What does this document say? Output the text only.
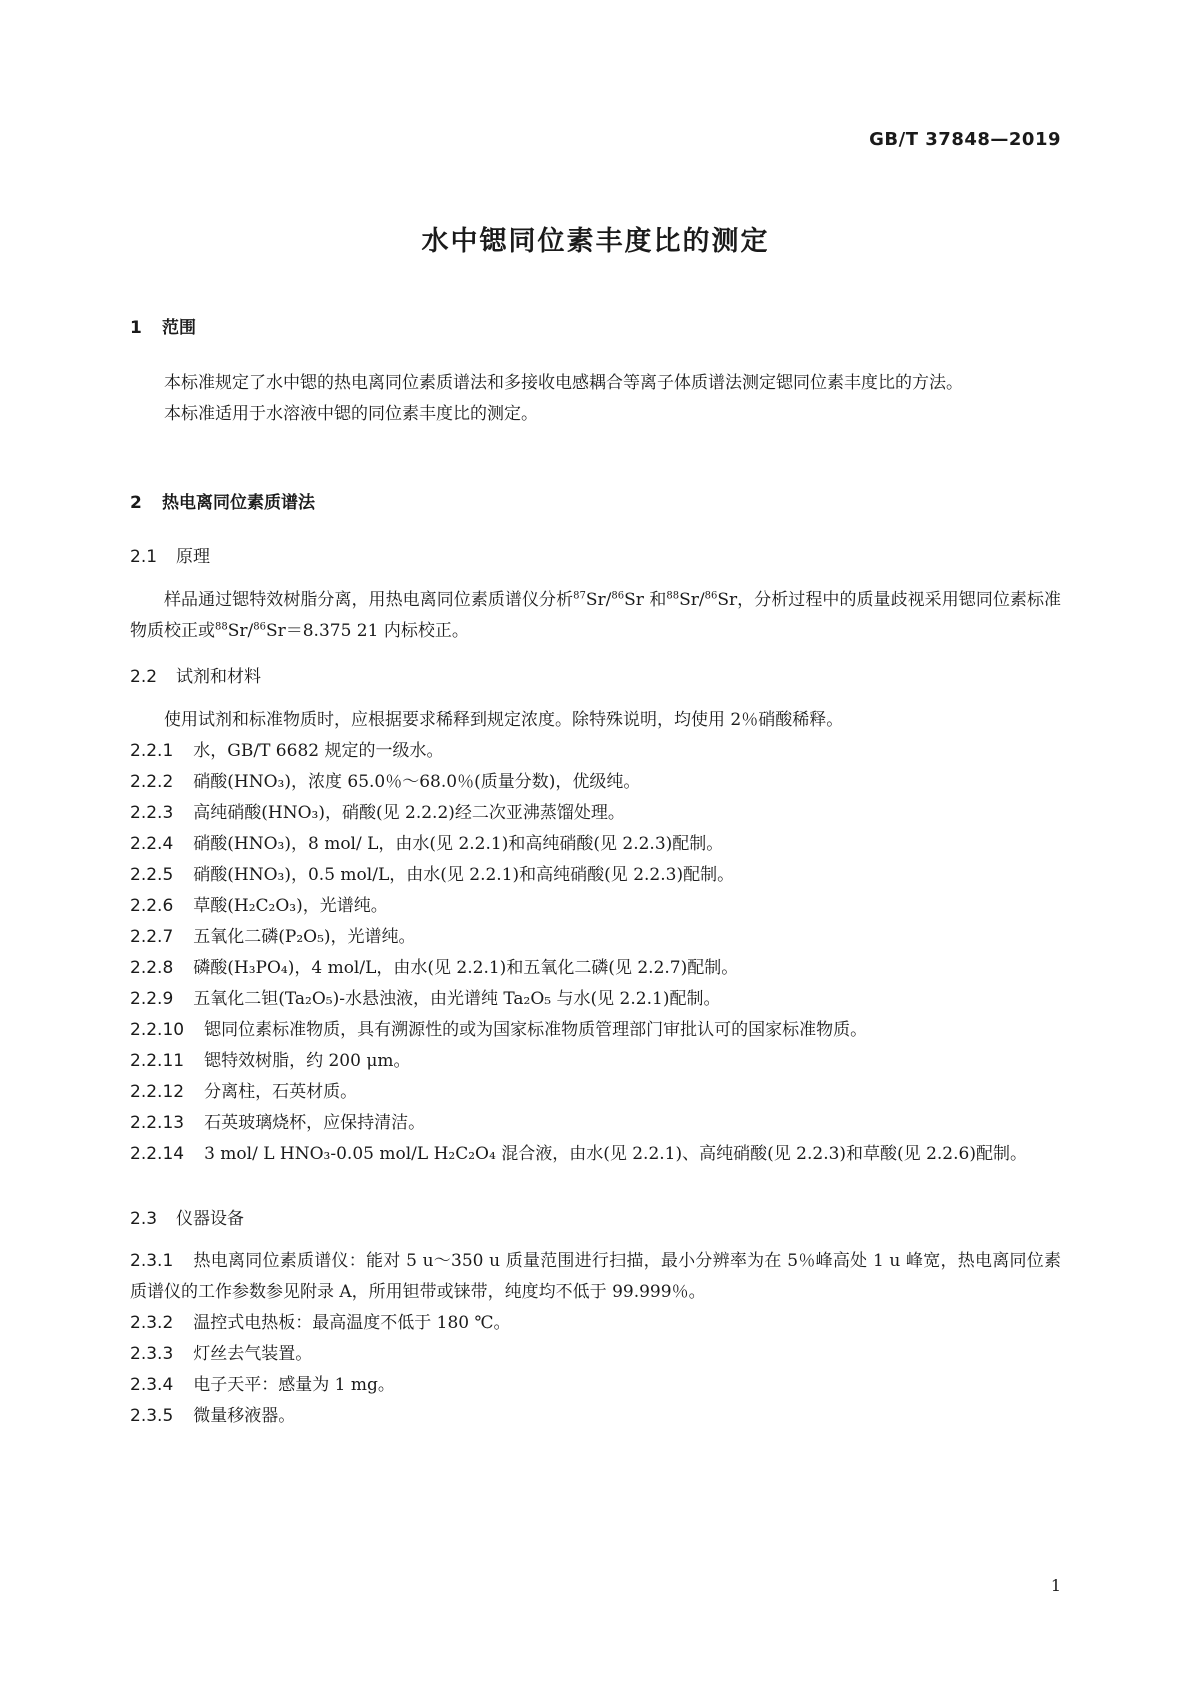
GB/T 37848—2019
水中锶同位素丰度比的测定
1 范围
本标准规定了水中锶的热电离同位素质谱法和多接收电感耦合等离子体质谱法测定锶同位素丰度比的方法。
本标准适用于水溶液中锶的同位素丰度比的测定。
2 热电离同位素质谱法
2.1 原理
样品通过锶特效树脂分离，用热电离同位素质谱仪分析$^{87}$Sr/$^{86}$Sr 和$^{88}$Sr/$^{86}$Sr，分析过程中的质量歧视采用锶同位素标准物质校正或$^{88}$Sr/$^{86}$Sr＝8.375 21 内标校正。
2.2 试剂和材料
使用试剂和标准物质时，应根据要求稀释到规定浓度。除特殊说明，均使用 2％硝酸稀释。
2.2.1 水，GB/T 6682 规定的一级水。
2.2.2 硝酸(HNO₃)，浓度 65.0％～68.0％(质量分数)，优级纯。
2.2.3 高纯硝酸(HNO₃)，硝酸(见 2.2.2)经二次亚沸蒸馏处理。
2.2.4 硝酸(HNO₃)，8 mol/ L，由水(见 2.2.1)和高纯硝酸(见 2.2.3)配制。
2.2.5 硝酸(HNO₃)，0.5 mol/L，由水(见 2.2.1)和高纯硝酸(见 2.2.3)配制。
2.2.6 草酸(H₂C₂O₃)，光谱纯。
2.2.7 五氧化二磷(P₂O₅)，光谱纯。
2.2.8 磷酸(H₃PO₄)，4 mol/L，由水(见 2.2.1)和五氧化二磷(见 2.2.7)配制。
2.2.9 五氧化二钽(Ta₂O₅)-水悬浊液，由光谱纯 Ta₂O₅ 与水(见 2.2.1)配制。
2.2.10 锶同位素标准物质，具有溯源性的或为国家标准物质管理部门审批认可的国家标准物质。
2.2.11 锶特效树脂，约 200 μm。
2.2.12 分离柱，石英材质。
2.2.13 石英玻璃烧杯，应保持清洁。
2.2.14 3 mol/ L HNO₃-0.05 mol/L H₂C₂O₄ 混合液，由水(见 2.2.1)、高纯硝酸(见 2.2.3)和草酸(见 2.2.6)配制。
2.3 仪器设备
2.3.1 热电离同位素质谱仪：能对 5 u～350 u 质量范围进行扫描，最小分辨率为在 5％峰高处 1 u 峰宽，热电离同位素质谱仪的工作参数参见附录 A，所用钽带或铼带，纯度均不低于 99.999％。
2.3.2 温控式电热板：最高温度不低于 180 ℃。
2.3.3 灯丝去气装置。
2.3.4 电子天平：感量为 1 mg。
2.3.5 微量移液器。
1
